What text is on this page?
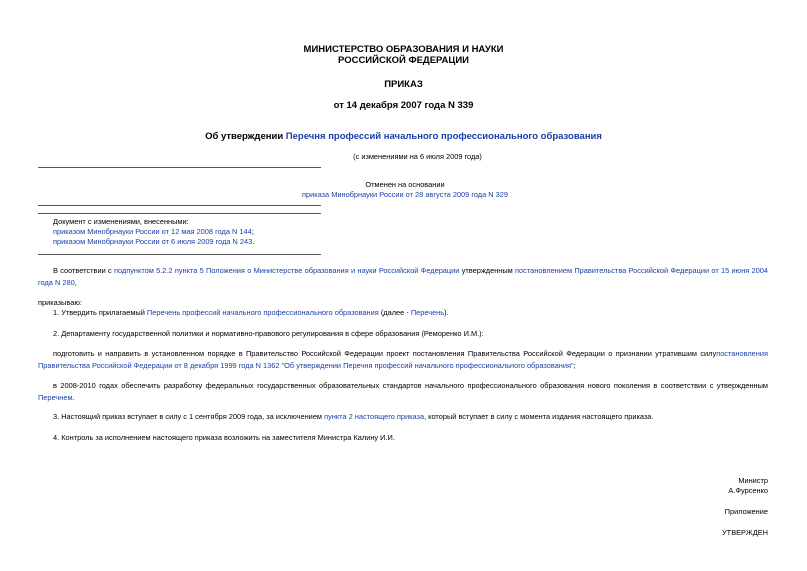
МИНИСТЕРСТВО ОБРАЗОВАНИЯ И НАУКИ
РОССИЙСКОЙ ФЕДЕРАЦИИ
ПРИКАЗ
от 14 декабря 2007 года N 339
Об утверждении Перечня профессий начального профессионального образования
(с изменениями на 6 июля 2009 года)
Отменен на основании
приказа Минобрнауки России от 28 августа 2009 года N 329
Документ с изменениями, внесенными:
приказом Минобрнауки России от 12 мая 2008 года N 144;
приказом Минобрнауки России от 6 июля 2009 года N 243.
В соответствии с подпунктом 5.2.2 пункта 5 Положения о Министерстве образования и науки Российской Федерации утвержденным постановлением Правительства Российской Федерации от 15 июня 2004 года N 280,
приказываю:
1. Утвердить прилагаемый Перечень профессий начального профессионального образования (далее - Перечень).
2. Департаменту государственной политики и нормативно-правового регулирования в сфере образования (Ремоpенко И.М.):
подготовить и направить в установленном порядке в Правительство Российской Федерации проект постановления Правительства Российской Федерации о признании утратившим силупостановления Правительства Российской Федерации от 8 декабря 1999 года N 1362 "Об утверждении Перечня профессий начального профессионального образования";
в 2008-2010 годах обеспечить разработку федеральных государственных образовательных стандартов начального профессионального образования нового поколения в соответствии с утвержденным Перечнем.
3. Настоящий приказ вступает в силу с 1 сентября 2009 года, за исключением пункта 2 настоящего приказа, который вступает в силу с момента издания настоящего приказа.
4. Контроль за исполнением настоящего приказа возложить на заместителя Министра Калину И.И.
Министр
А.Фурсенко
Приложение
УТВЕРЖДЕН
